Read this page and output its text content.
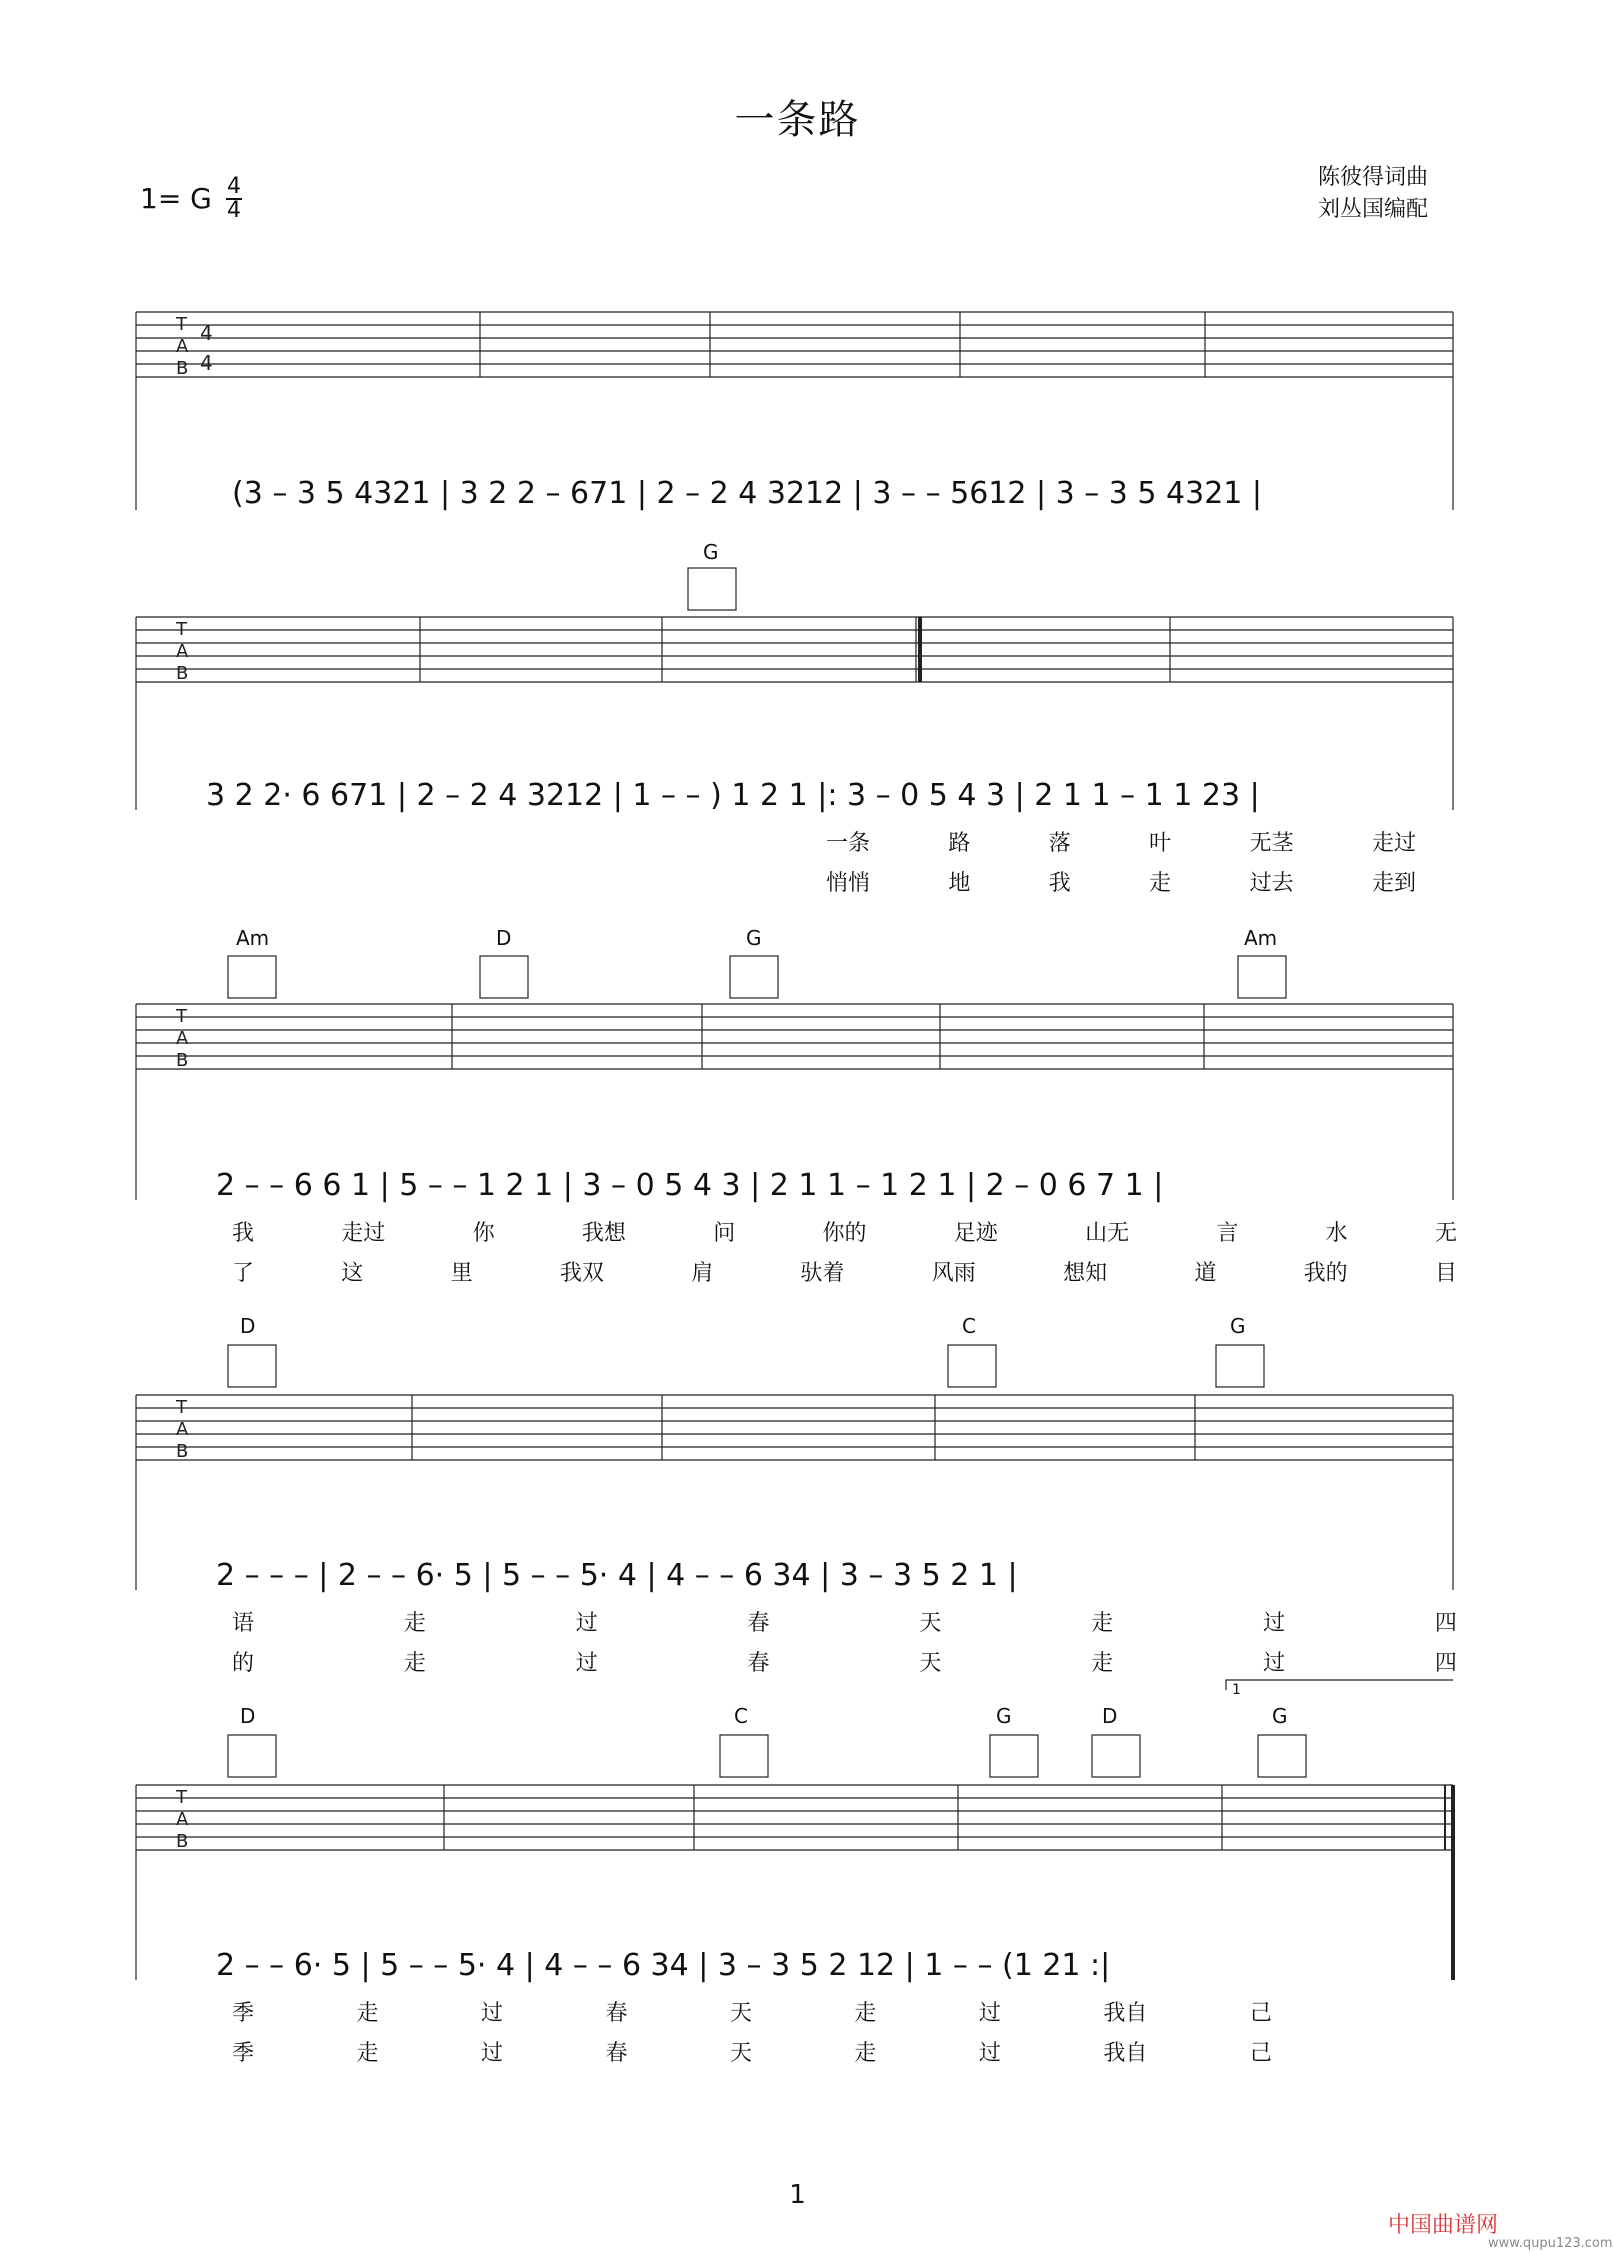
一条路
1= G 4
4
陈彼得词曲
刘丛国编配
T
A
B
4
4
T
A
B
T
A
B
T
A
B
T
A
B
G
Am	D	G	Am
D	C	G
D	C	G	D	G
1
(3 – 3 5 4321 | 3 2 2 – 671 | 2 – 2 4 3212 | 3 – – 5612 | 3 – 3 5 4321 |
3 2 2· 6 671 | 2 – 2 4 3212 | 1 – – ) 1 2 1 |: 3 – 0 5 4 3 | 2 1 1 – 1 1 23 |
2 – – 6 6 1 | 5 – – 1 2 1 | 3 – 0 5 4 3 | 2 1 1 – 1 2 1 | 2 – 0 6 7 1 |
2 – – – | 2 – – 6· 5 | 5 – – 5· 4 | 4 – – 6 34 | 3 – 3 5 2 1 |
2 – – 6· 5 | 5 – – 5· 4 | 4 – – 6 34 | 3 – 3 5 2 12 | 1 – – (1 21 :|
一条	路	落	叶	无茎	走过
悄悄	地	我	走	过去	走到
我	走过	你	我想	问	你的	足迹	山无	言	水	无
了	这	里	我双	肩	驮着	风雨	想知	道	我的	目
语	走	过	春	天	走	过	四
的	走	过	春	天	走	过	四
季	走	过	春	天	走	过	我自	己
季	走	过	春	天	走	过	我自	己
1
中国曲谱网
www.qupu123.com
